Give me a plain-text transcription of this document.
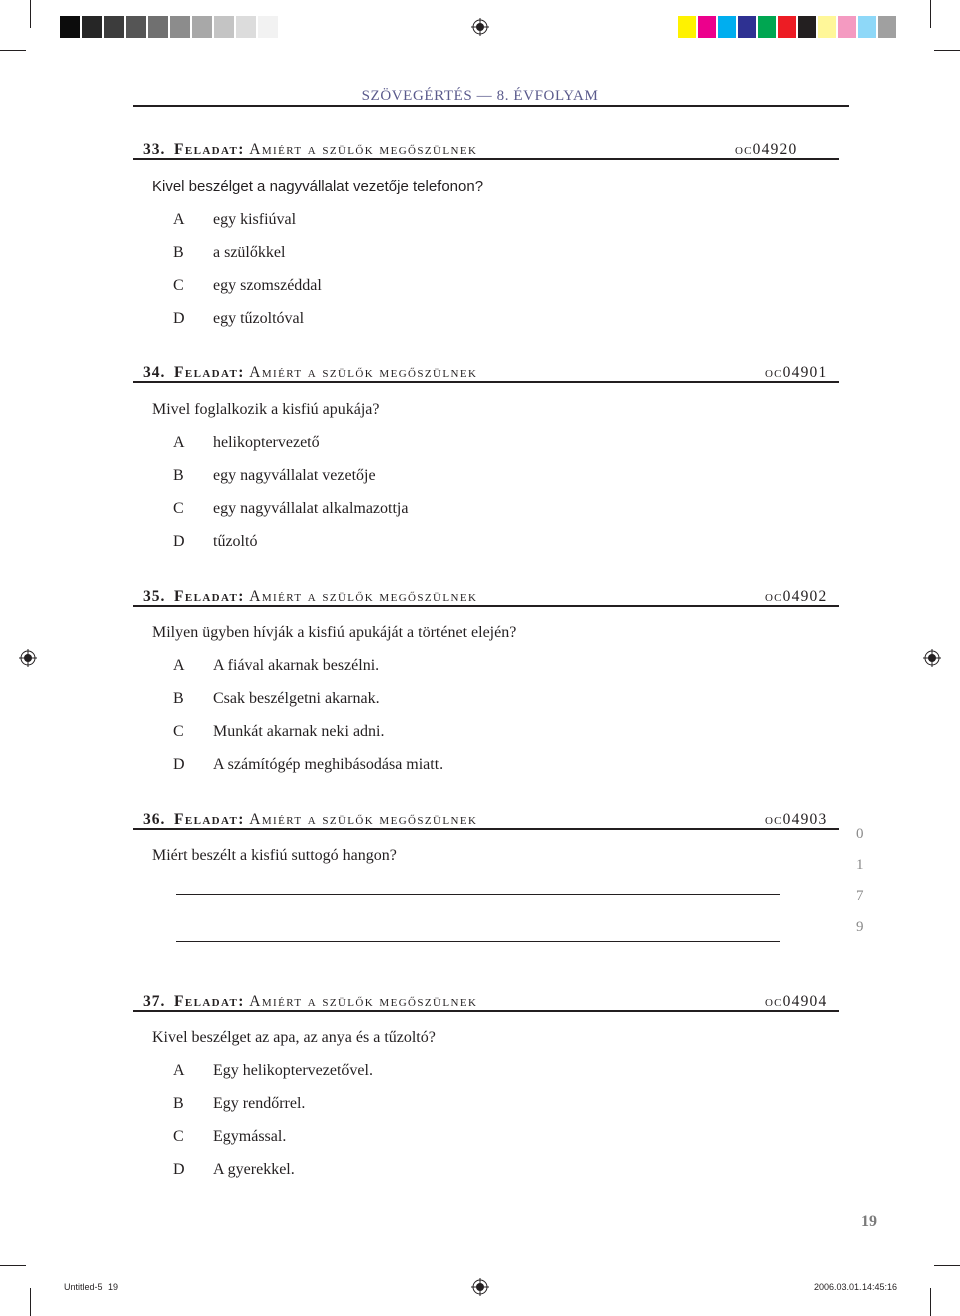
SZÖVEGÉRTÉS — 8. ÉVFOLYAM
33. Feladat: Amiért a szülők megőszülnek	oc04920
Kivel beszélget a nagyvállalat vezetője telefonon?
A egy kisfiúval
B a szülőkkel
C egy szomszéddal
D egy tűzoltóval
34. Feladat: Amiért a szülők megőszülnek	oc04901
Mivel foglalkozik a kisfiú apukája?
A helikoptervezető
B egy nagyvállalat vezetője
C egy nagyvállalat alkalmazottja
D tűzoltó
35. Feladat: Amiért a szülők megőszülnek	oc04902
Milyen ügyben hívják a kisfiú apukáját a történet elején?
A A fiával akarnak beszélni.
B Csak beszélgetni akarnak.
C Munkát akarnak neki adni.
D A számítógép meghibásodása miatt.
36. Feladat: Amiért a szülők megőszülnek	oc04903
Miért beszélt a kisfiú suttogó hangon?
0
1
7
9
37. Feladat: Amiért a szülők megőszülnek	oc04904
Kivel beszélget az apa, az anya és a tűzoltó?
A Egy helikoptervezetővel.
B Egy rendőrrel.
C Egymással.
D A gyerekkel.
19
Untitled-5 19	2006.03.01. 14:45:16
